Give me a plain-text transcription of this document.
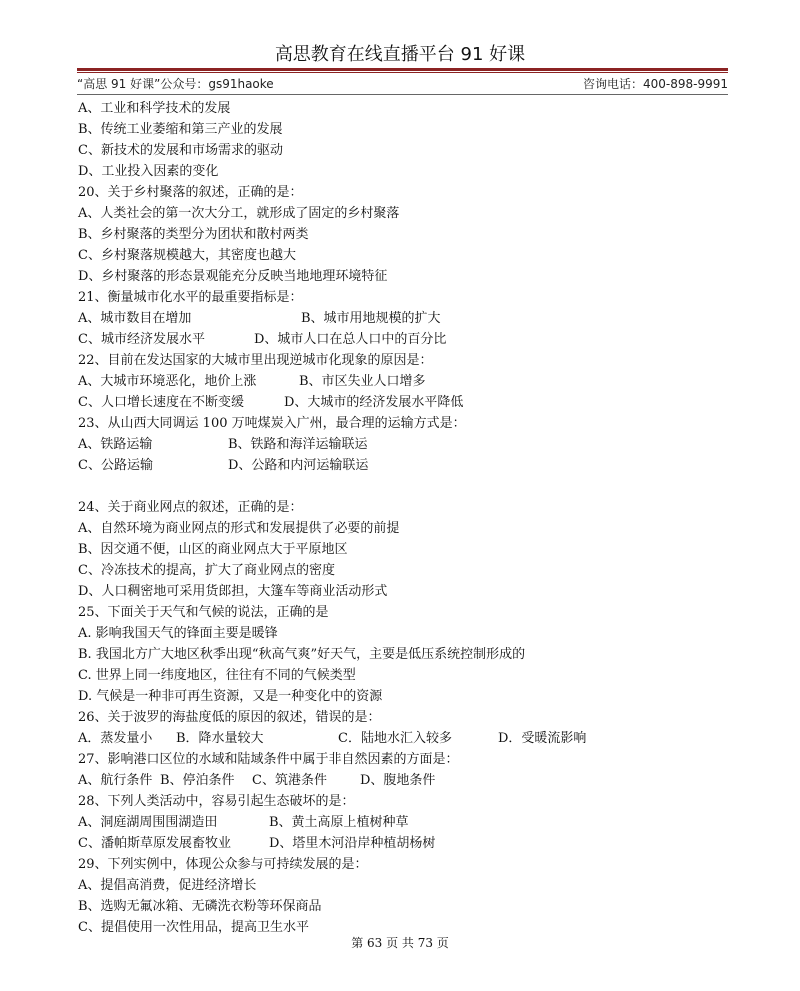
高思教育在线直播平台 91 好课
“高思 91 好课”公众号：gs91haoke	咨询电话：400-898-9991
A、工业和科学技术的发展
B、传统工业萎缩和第三产业的发展
C、新技术的发展和市场需求的驱动
D、工业投入因素的变化
20、关于乡村聚落的叙述，正确的是：
A、人类社会的第一次大分工，就形成了固定的乡村聚落
B、乡村聚落的类型分为团状和散村两类
C、乡村聚落规模越大，其密度也越大
D、乡村聚落的形态景观能充分反映当地地理环境特征
21、衡量城市化水平的最重要指标是：
A、城市数目在增加	B、城市用地规模的扩大
C、城市经济发展水平	D、城市人口在总人口中的百分比
22、目前在发达国家的大城市里出现逆城市化现象的原因是：
A、大城市环境恶化，地价上涨	B、市区失业人口增多
C、人口增长速度在不断变缓	D、大城市的经济发展水平降低
23、从山西大同调运 100 万吨煤炭入广州，最合理的运输方式是：
A、铁路运输	B、铁路和海洋运输联运
C、公路运输	D、公路和内河运输联运
24、关于商业网点的叙述，正确的是：
A、自然环境为商业网点的形式和发展提供了必要的前提
B、因交通不便，山区的商业网点大于平原地区
C、冷冻技术的提高，扩大了商业网点的密度
D、人口稠密地可采用货郎担，大篷车等商业活动形式
25、下面关于天气和气候的说法，正确的是
A. 影响我国天气的锋面主要是暖锋
B. 我国北方广大地区秋季出现“秋高气爽”好天气，主要是低压系统控制形成的
C. 世界上同一纬度地区，往往有不同的气候类型
D. 气候是一种非可再生资源，又是一种变化中的资源
26、关于波罗的海盐度低的原因的叙述，错误的是：
A．蒸发量小 B．降水量较大	C．陆地水汇入较多	D．受暖流影响
27、影响港口区位的水域和陆域条件中属于非自然因素的方面是：
A、航行条件 B、停泊条件 C、筑港条件	D、腹地条件
28、下列人类活动中，容易引起生态破坏的是：
A、洞庭湖周围围湖造田	B、黄土高原上植树种草
C、潘帕斯草原发展畜牧业	D、塔里木河沿岸种植胡杨树
29、下列实例中，体现公众参与可持续发展的是：
A、提倡高消费，促进经济增长
B、选购无氟冰箱、无磷洗衣粉等环保商品
C、提倡使用一次性用品，提高卫生水平
第 63 页 共 73 页
